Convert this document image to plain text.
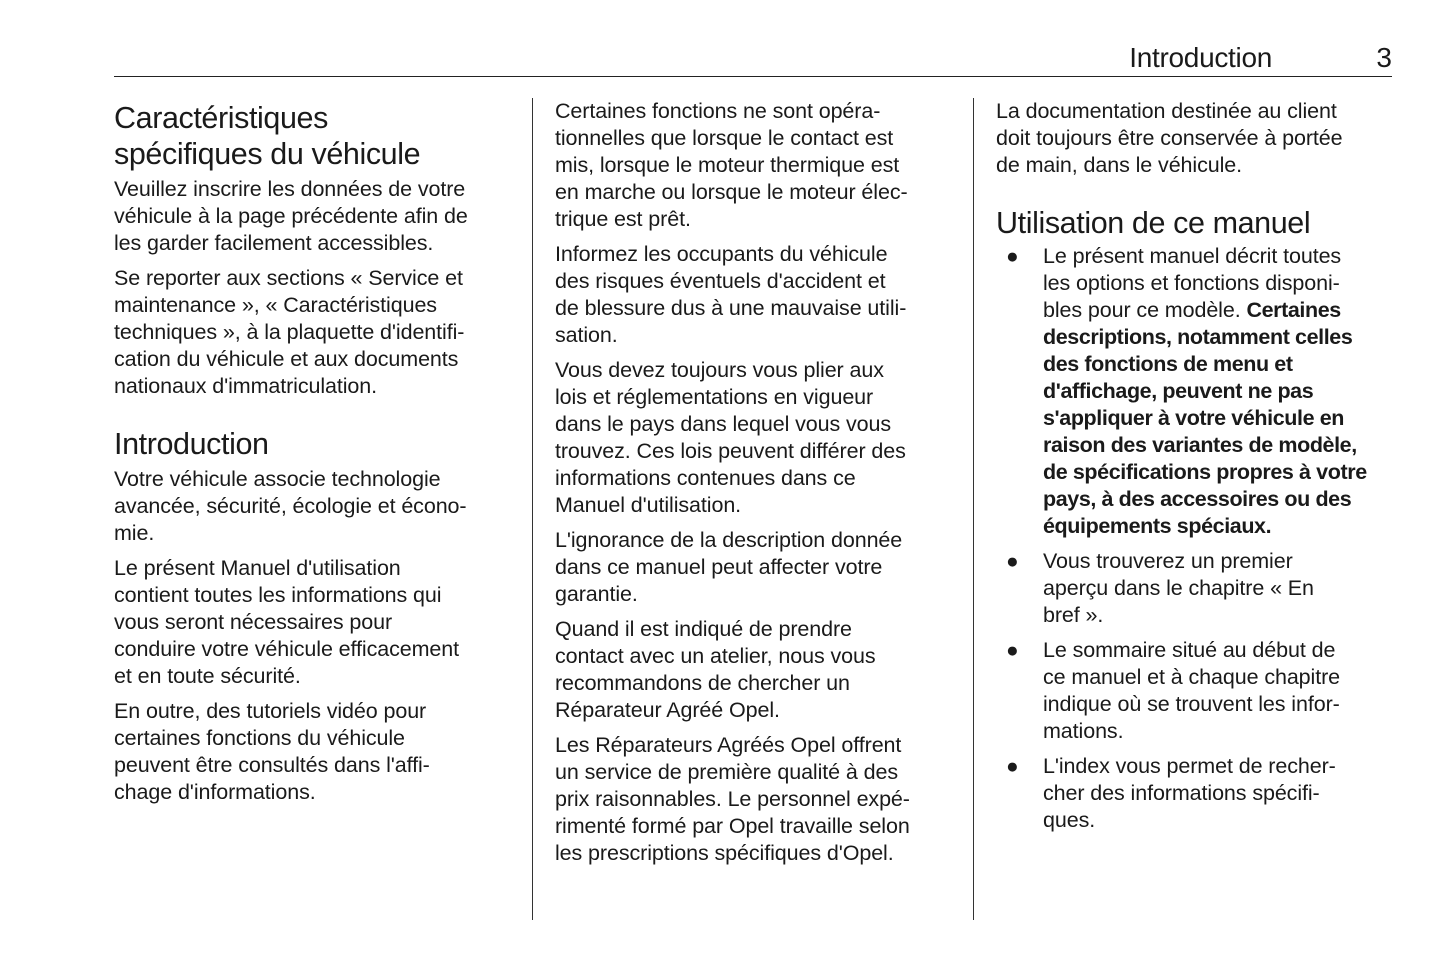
Introduction	3
Caractéristiques
spécifiques du véhicule

Veuillez inscrire les données de votre
véhicule à la page précédente afin de
les garder facilement accessibles.

Se reporter aux sections « Service et
maintenance », « Caractéristiques
techniques », à la plaquette d'identifi-
cation du véhicule et aux documents
nationaux d'immatriculation.

Introduction

Votre véhicule associe technologie
avancée, sécurité, écologie et écono-
mie.

Le présent Manuel d'utilisation
contient toutes les informations qui
vous seront nécessaires pour
conduire votre véhicule efficacement
et en toute sécurité.

En outre, des tutoriels vidéo pour
certaines fonctions du véhicule
peuvent être consultés dans l'affi-
chage d'informations.

Certaines fonctions ne sont opéra-
tionnelles que lorsque le contact est
mis, lorsque le moteur thermique est
en marche ou lorsque le moteur élec-
trique est prêt.

Informez les occupants du véhicule
des risques éventuels d'accident et
de blessure dus à une mauvaise utili-
sation.

Vous devez toujours vous plier aux
lois et réglementations en vigueur
dans le pays dans lequel vous vous
trouvez. Ces lois peuvent différer des
informations contenues dans ce
Manuel d'utilisation.

L'ignorance de la description donnée
dans ce manuel peut affecter votre
garantie.

Quand il est indiqué de prendre
contact avec un atelier, nous vous
recommandons de chercher un
Réparateur Agréé Opel.

Les Réparateurs Agréés Opel offrent
un service de première qualité à des
prix raisonnables. Le personnel expé-
rimenté formé par Opel travaille selon
les prescriptions spécifiques d'Opel.

La documentation destinée au client
doit toujours être conservée à portée
de main, dans le véhicule.

Utilisation de ce manuel
● Le présent manuel décrit toutes
les options et fonctions disponi-
bles pour ce modèle. Certaines
descriptions, notamment celles
des fonctions de menu et
d'affichage, peuvent ne pas
s'appliquer à votre véhicule en
raison des variantes de modèle,
de spécifications propres à votre
pays, à des accessoires ou des
équipements spéciaux.
● Vous trouverez un premier
aperçu dans le chapitre « En
bref ».
● Le sommaire situé au début de
ce manuel et à chaque chapitre
indique où se trouvent les infor-
mations.
● L'index vous permet de recher-
cher des informations spécifi-
ques.
